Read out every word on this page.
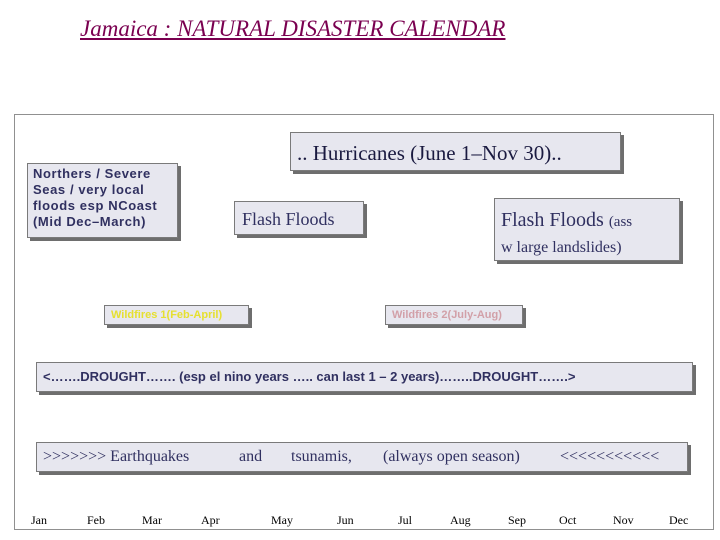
Jamaica : NATURAL DISASTER CALENDAR
.. Hurricanes (June 1–Nov 30)..
Northers / Severe Seas / very local floods esp NCoast (Mid Dec–March)	Flash Floods	Flash Floods (ass
w large landslides)
Wildfires 1(Feb-April)	Wildfires 2(July-Aug)
<…….DROUGHT……. (esp el nino years ….. can last 1 – 2 years)……..DROUGHT…….>
>>>>>>> Earthquakes	and tsunamis, (always open season)	<<<<<<<<<<<
Jan	Feb	Mar	Apr	May	Jun	Jul	Aug	Sep	Oct	Nov	Dec
